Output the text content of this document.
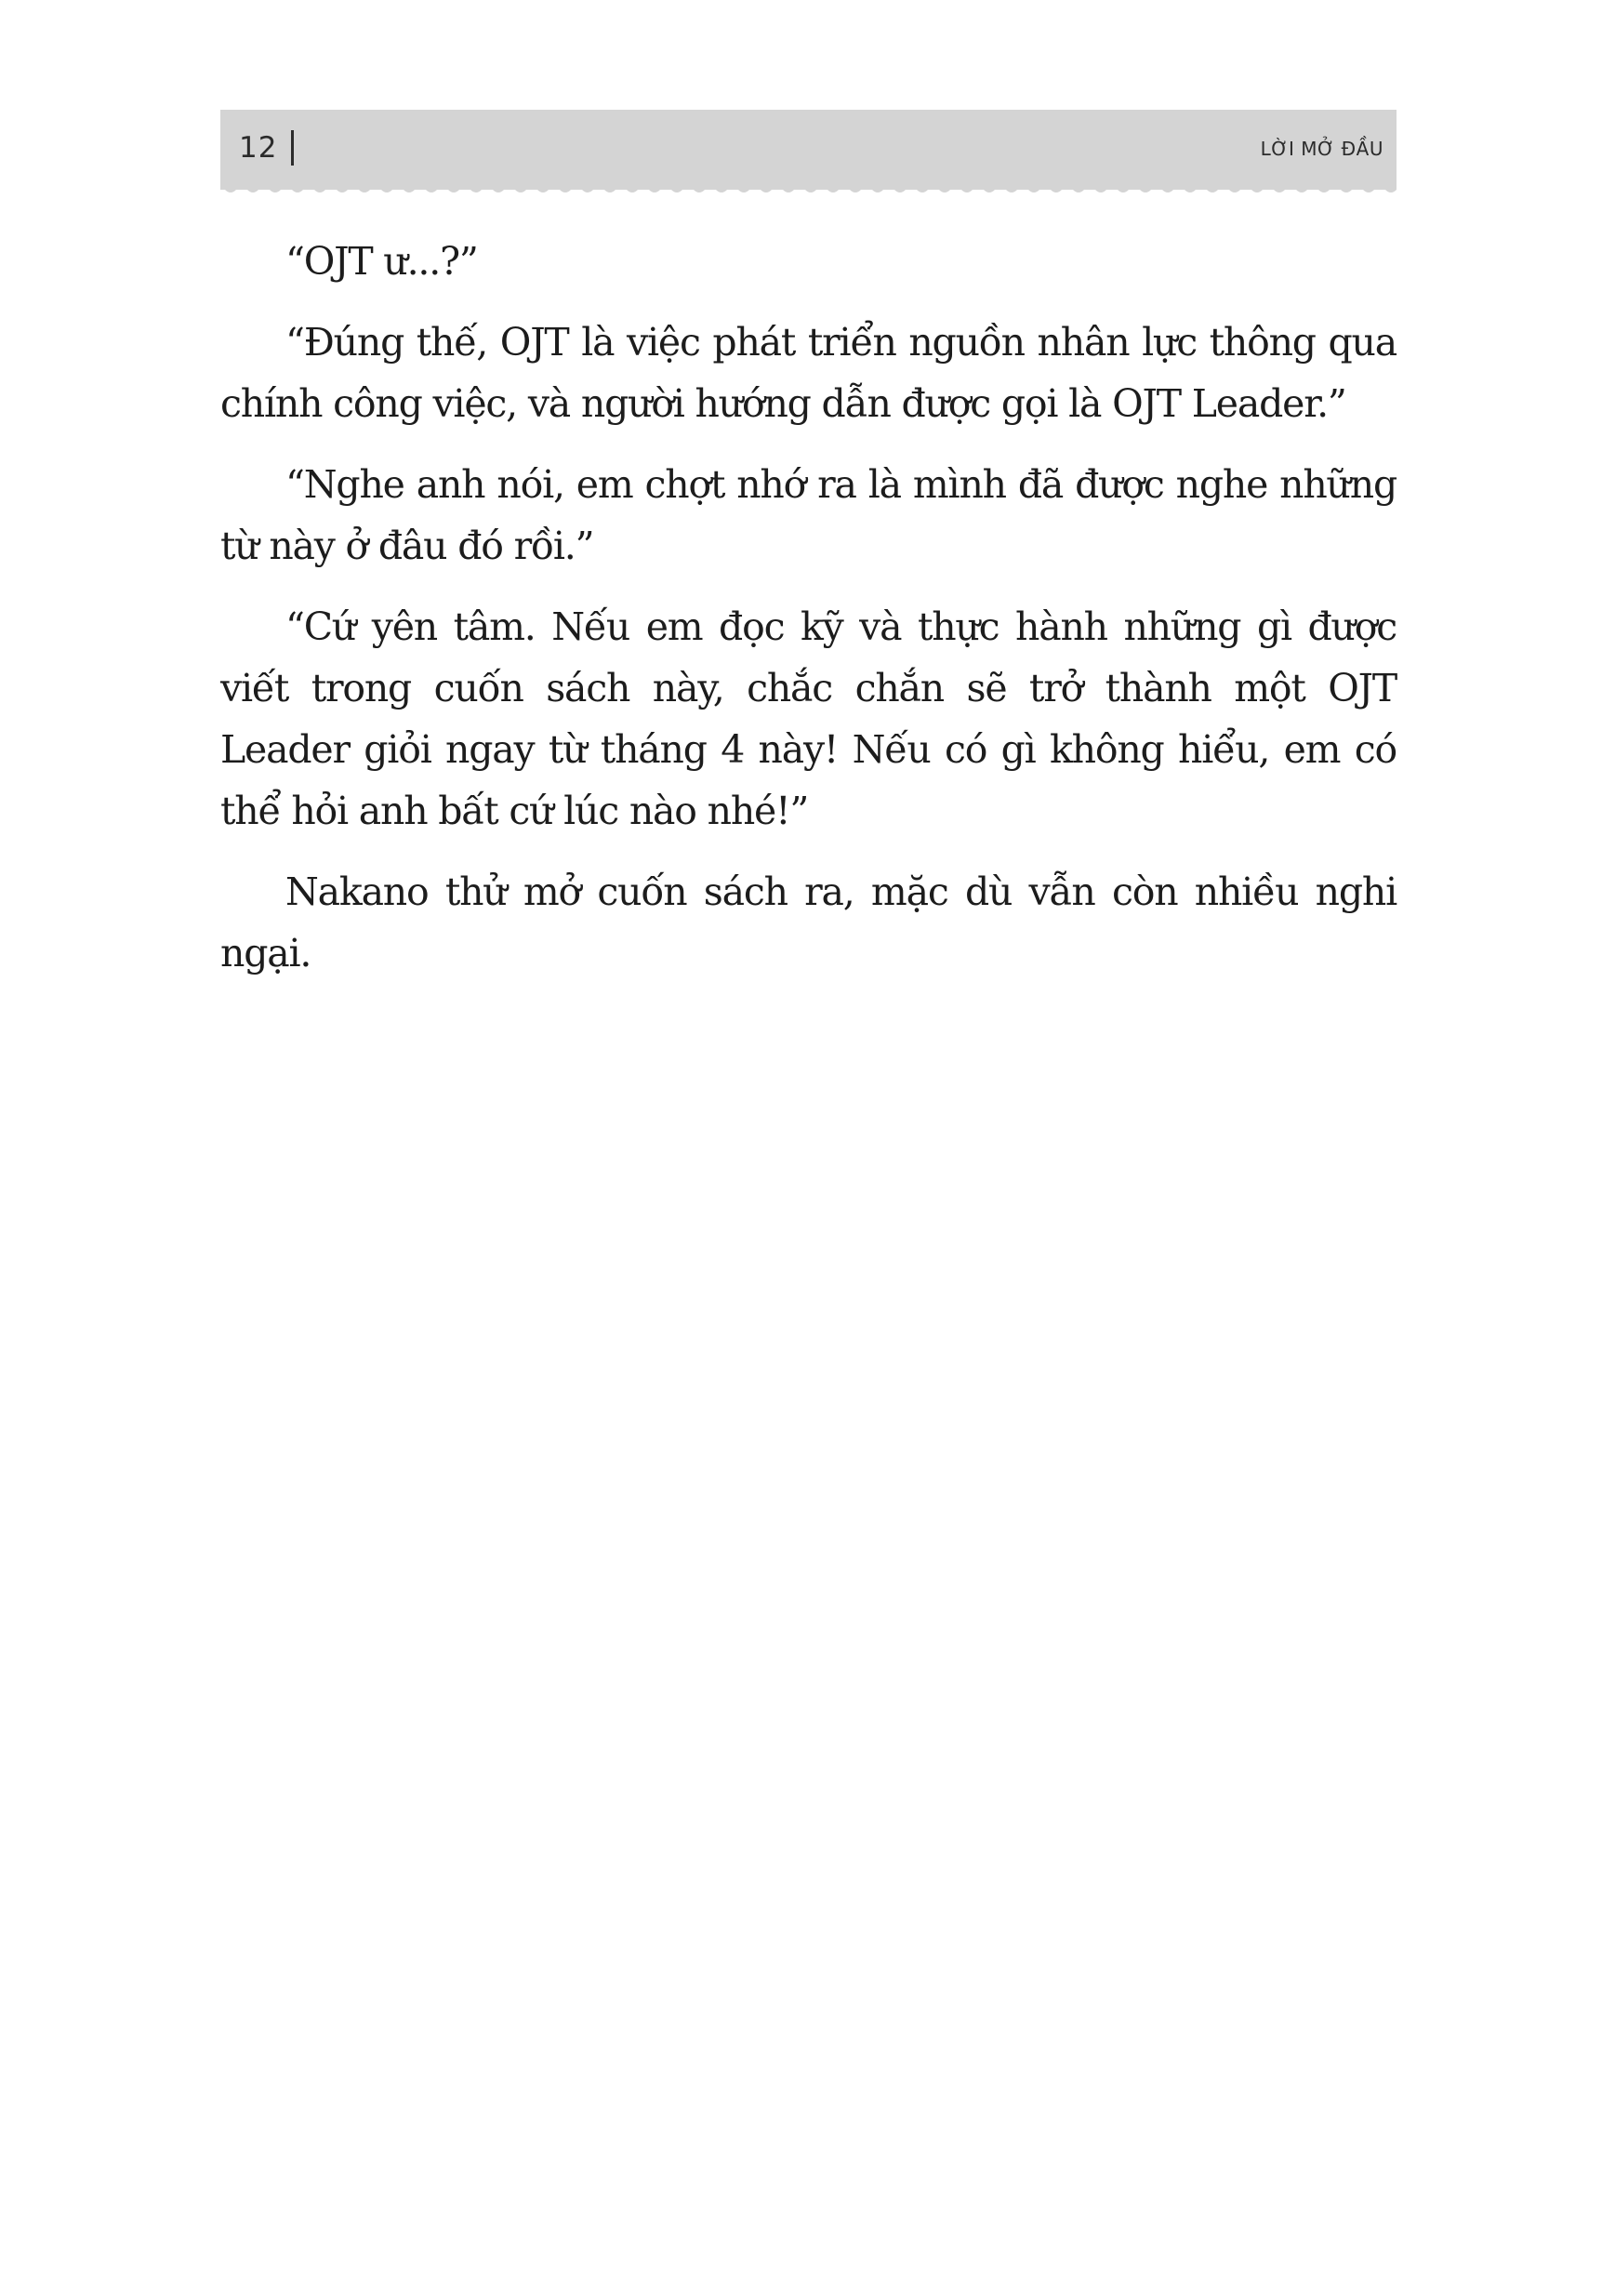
12	LỜI MỞ ĐẦU

“OJT ư...?”

“Đúng thế, OJT là việc phát triển nguồn nhân lực thông qua chính công việc, và người hướng dẫn được gọi là OJT Leader.”

“Nghe anh nói, em chợt nhớ ra là mình đã được nghe những từ này ở đâu đó rồi.”

“Cứ yên tâm. Nếu em đọc kỹ và thực hành những gì được viết trong cuốn sách này, chắc chắn sẽ trở thành một OJT Leader giỏi ngay từ tháng 4 này! Nếu có gì không hiểu, em có thể hỏi anh bất cứ lúc nào nhé!”

Nakano thử mở cuốn sách ra, mặc dù vẫn còn nhiều nghi ngại.
